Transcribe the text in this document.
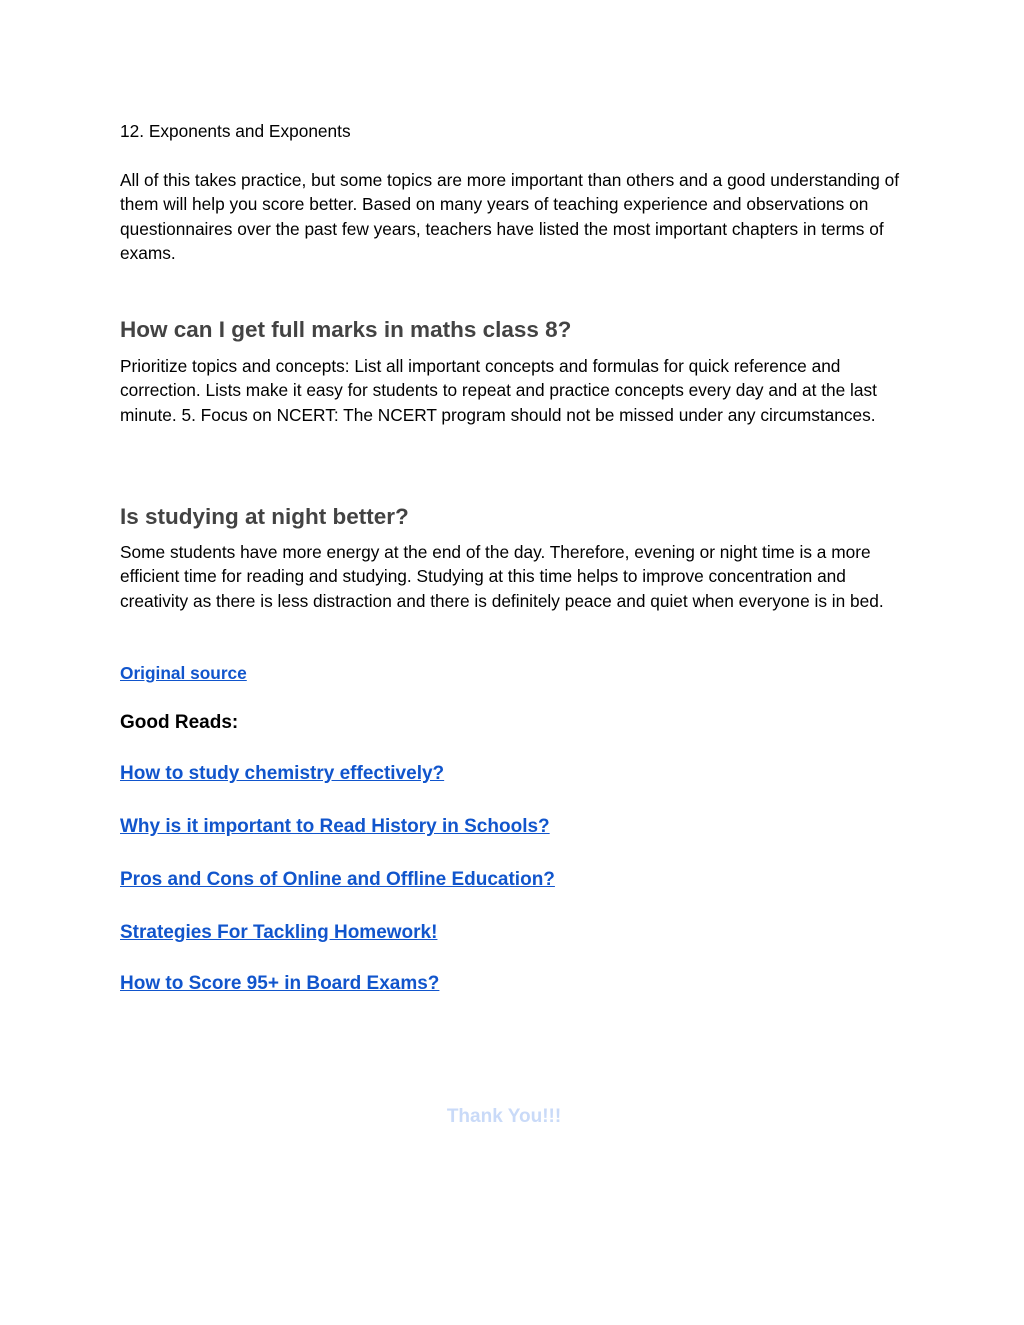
12. Exponents and Exponents

All of this takes practice, but some topics are more important than others and a good understanding of them will help you score better. Based on many years of teaching experience and observations on questionnaires over the past few years, teachers have listed the most important chapters in terms of exams.

How can I get full marks in maths class 8?

Prioritize topics and concepts: List all important concepts and formulas for quick reference and correction. Lists make it easy for students to repeat and practice concepts every day and at the last minute. 5. Focus on NCERT: The NCERT program should not be missed under any circumstances.

Is studying at night better?

Some students have more energy at the end of the day. Therefore, evening or night time is a more efficient time for reading and studying. Studying at this time helps to improve concentration and creativity as there is less distraction and there is definitely peace and quiet when everyone is in bed.

Original source

Good Reads:

How to study chemistry effectively?
Why is it important to Read History in Schools?
Pros and Cons of Online and Offline Education?
Strategies For Tackling Homework!
How to Score 95+ in Board Exams?

Thank You!!!
